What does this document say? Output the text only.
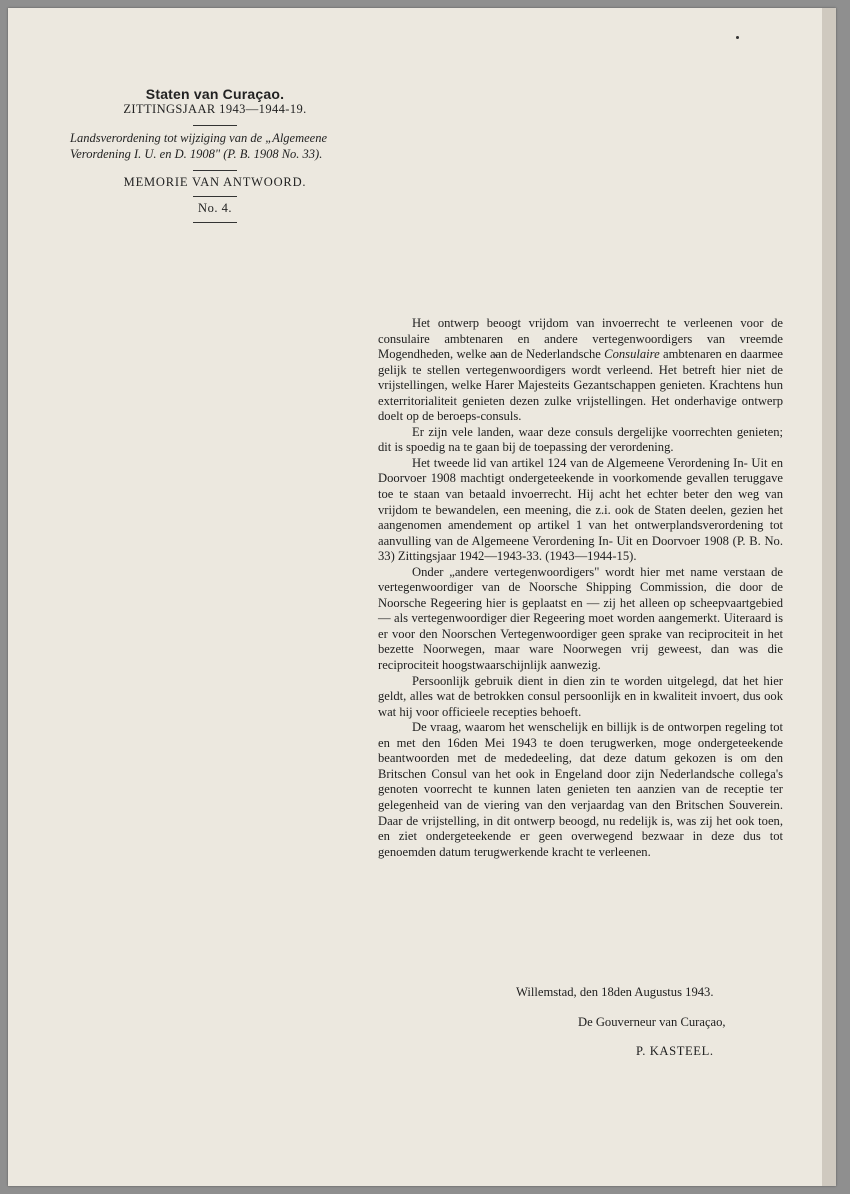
Staten van Curaçao.
ZITTINGSJAAR 1943—1944-19.
Landsverordening tot wijziging van de „Algemeene Verordening I. U. en D. 1908" (P. B. 1908 No. 33).
MEMORIE VAN ANTWOORD.
No. 4.

Het ontwerp beoogt vrijdom van invoerrecht te verleenen voor de consulaire ambtenaren en andere vertegenwoordigers van vreemde Mogendheden, welke aan de Nederlandsche Consulaire ambtenaren en daarmee gelijk te stellen vertegenwoordigers wordt verleend. Het betreft hier niet de vrijstellingen, welke Harer Majesteits Gezantschappen genieten. Krachtens hun exterritorialiteit genieten dezen zulke vrijstellingen. Het onderhavige ontwerp doelt op de beroeps-consuls.

Er zijn vele landen, waar deze consuls dergelijke voorrechten genieten; dit is spoedig na te gaan bij de toepassing der verordening.

Het tweede lid van artikel 124 van de Algemeene Verordening In- Uit en Doorvoer 1908 machtigt ondergeteekende in voorkomende gevallen teruggave toe te staan van betaald invoerrecht. Hij acht het echter beter den weg van vrijdom te bewandelen, een meening, die z.i. ook de Staten deelen, gezien het aangenomen amendement op artikel 1 van het ontwerplandsverordening tot aanvulling van de Algemeene Verordening In- Uit en Doorvoer 1908 (P. B. No. 33) Zittingsjaar 1942—1943-33. (1943—1944-15).

Onder „andere vertegenwoordigers" wordt hier met name verstaan de vertegenwoordiger van de Noorsche Shipping Commission, die door de Noorsche Regeering hier is geplaatst en — zij het alleen op scheepvaartgebied — als vertegenwoordiger dier Regeering moet worden aangemerkt. Uiteraard is er voor den Noorschen Vertegenwoordiger geen sprake van reciprociteit in het bezette Noorwegen, maar ware Noorwegen vrij geweest, dan was die reciprociteit hoogstwaarschijnlijk aanwezig.

Persoonlijk gebruik dient in dien zin te worden uitgelegd, dat het hier geldt, alles wat de betrokken consul persoonlijk en in kwaliteit invoert, dus ook wat hij voor officieele recepties behoeft.

De vraag, waarom het wenschelijk en billijk is de ontworpen regeling tot en met den 16den Mei 1943 te doen terugwerken, moge ondergeteekende beantwoorden met de mededeeling, dat deze datum gekozen is om den Britschen Consul van het ook in Engeland door zijn Nederlandsche collega's genoten voorrecht te kunnen laten genieten ten aanzien van de receptie ter gelegenheid van de viering van den verjaardag van den Britschen Souverein. Daar de vrijstelling, in dit ontwerp beoogd, nu redelijk is, was zij het ook toen, en ziet ondergeteekende er geen overwegend bezwaar in deze dus tot genoemden datum terugwerkende kracht te verleenen.

Willemstad, den 18den Augustus 1943.
De Gouverneur van Curaçao,
P. KASTEEL.
